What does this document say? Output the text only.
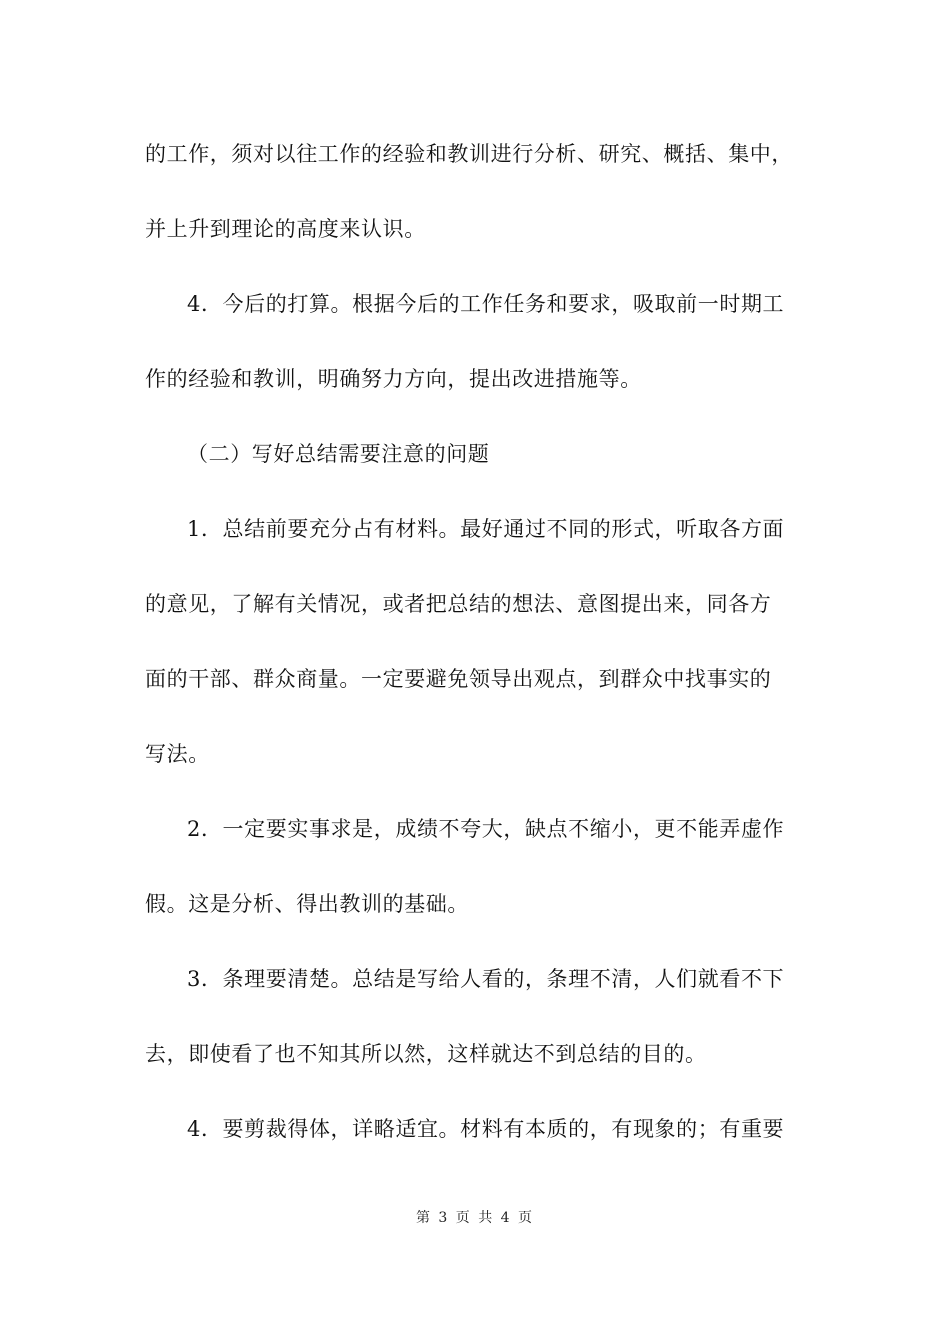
的工作，须对以往工作的经验和教训进行分析、研究、概括、集中，
并上升到理论的高度来认识。
4．今后的打算。根据今后的工作任务和要求，吸取前一时期工
作的经验和教训，明确努力方向，提出改进措施等。
（二）写好总结需要注意的问题
1．总结前要充分占有材料。最好通过不同的形式，听取各方面
的意见，了解有关情况，或者把总结的想法、意图提出来，同各方
面的干部、群众商量。一定要避免领导出观点，到群众中找事实的
写法。
2．一定要实事求是，成绩不夸大，缺点不缩小，更不能弄虚作
假。这是分析、得出教训的基础。
3．条理要清楚。总结是写给人看的，条理不清，人们就看不下
去，即使看了也不知其所以然，这样就达不到总结的目的。
4．要剪裁得体，详略适宜。材料有本质的，有现象的；有重要
第 3 页 共 4 页
